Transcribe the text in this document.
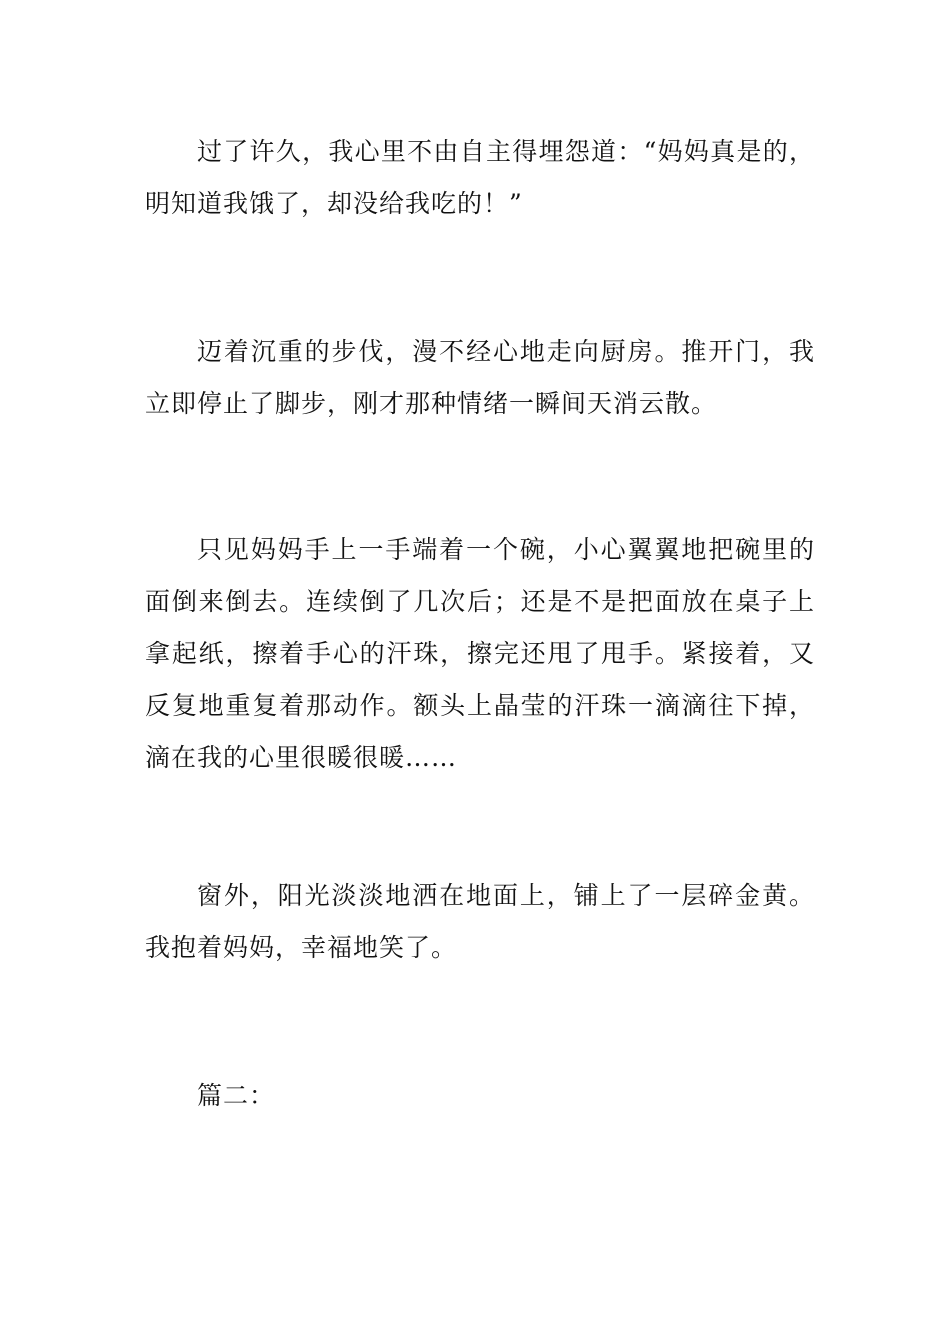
过了许久，我心里不由自主得埋怨道：“妈妈真是的，明知道我饿了，却没给我吃的！”

迈着沉重的步伐，漫不经心地走向厨房。推开门，我立即停止了脚步，刚才那种情绪一瞬间天消云散。

只见妈妈手上一手端着一个碗，小心翼翼地把碗里的面倒来倒去。连续倒了几次后；还是不是把面放在桌子上拿起纸，擦着手心的汗珠，擦完还甩了甩手。紧接着，又反复地重复着那动作。额头上晶莹的汗珠一滴滴往下掉，滴在我的心里很暖很暖……

窗外，阳光淡淡地洒在地面上，铺上了一层碎金黄。我抱着妈妈，幸福地笑了。

篇二：
